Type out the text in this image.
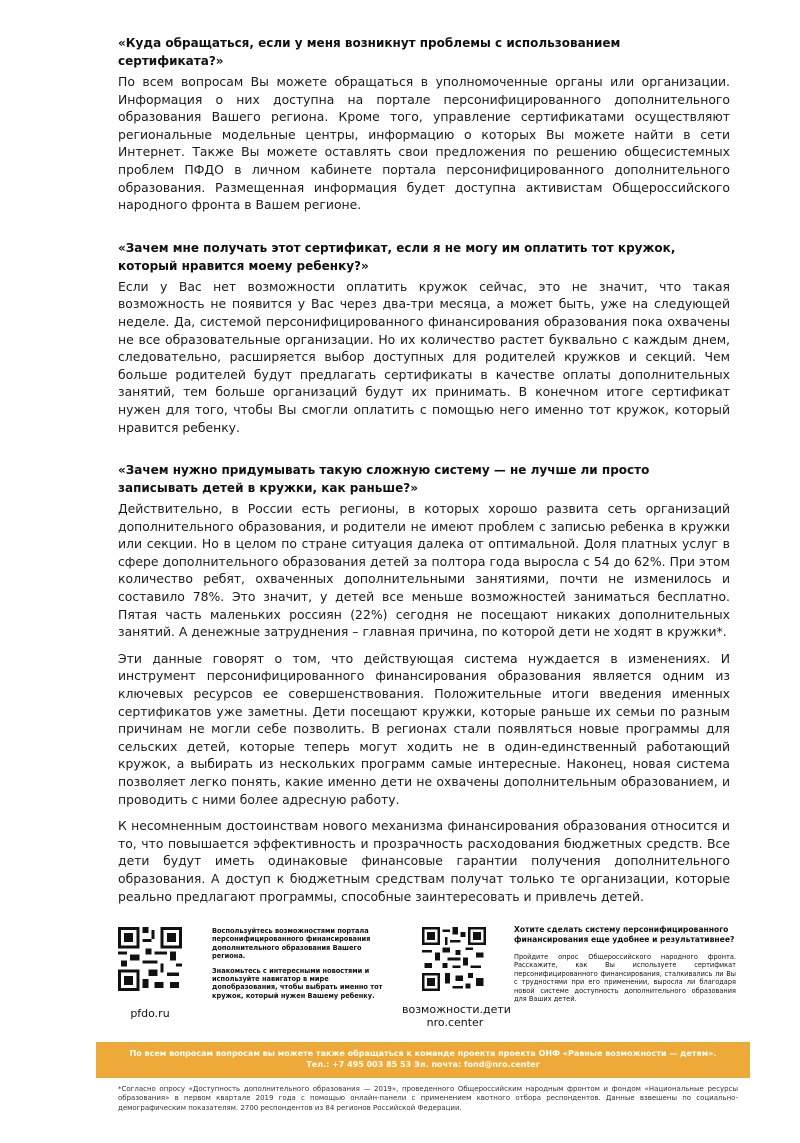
«Куда обращаться, если у меня возникнут проблемы с использованием сертификата?»
По всем вопросам Вы можете обращаться в уполномоченные органы или организации. Информация о них доступна на портале персонифицированного дополнительного образования Вашего региона. Кроме того, управление сертификатами осуществляют региональные модельные центры, информацию о которых Вы можете найти в сети Интернет. Также Вы можете оставлять свои предложения по решению общесистемных проблем ПФДО в личном кабинете портала персонифицированного дополнительного образования. Размещенная информация будет доступна активистам Общероссийского народного фронта в Вашем регионе.
«Зачем мне получать этот сертификат, если я не могу им оплатить тот кружок, который нравится моему ребенку?»
Если у Вас нет возможности оплатить кружок сейчас, это не значит, что такая возможность не появится у Вас через два-три месяца, а может быть, уже на следующей неделе. Да, системой персонифицированного финансирования образования пока охвачены не все образовательные организации. Но их количество растет буквально с каждым днем, следовательно, расширяется выбор доступных для родителей кружков и секций. Чем больше родителей будут предлагать сертификаты в качестве оплаты дополнительных занятий, тем больше организаций будут их принимать. В конечном итоге сертификат нужен для того, чтобы Вы смогли оплатить с помощью него именно тот кружок, который нравится ребенку.
«Зачем нужно придумывать такую сложную систему — не лучше ли просто записывать детей в кружки, как раньше?»
Действительно, в России есть регионы, в которых хорошо развита сеть организаций дополнительного образования, и родители не имеют проблем с записью ребенка в кружки или секции. Но в целом по стране ситуация далека от оптимальной. Доля платных услуг в сфере дополнительного образования детей за полтора года выросла с 54 до 62%. При этом количество ребят, охваченных дополнительными занятиями, почти не изменилось и составило 78%. Это значит, у детей все меньше возможностей заниматься бесплатно. Пятая часть маленьких россиян (22%) сегодня не посещают никаких дополнительных занятий. А денежные затруднения – главная причина, по которой дети не ходят в кружки*.
Эти данные говорят о том, что действующая система нуждается в изменениях. И инструмент персонифицированного финансирования образования является одним из ключевых ресурсов ее совершенствования. Положительные итоги введения именных сертификатов уже заметны. Дети посещают кружки, которые раньше их семьи по разным причинам не могли себе позволить. В регионах стали появляться новые программы для сельских детей, которые теперь могут ходить не в один-единственный работающий кружок, а выбирать из нескольких программ самые интересные. Наконец, новая система позволяет легко понять, какие именно дети не охвачены дополнительным образованием, и проводить с ними более адресную работу.
К несомненным достоинствам нового механизма финансирования образования относится и то, что повышается эффективность и прозрачность расходования бюджетных средств. Все дети будут иметь одинаковые финансовые гарантии получения дополнительного образования. А доступ к бюджетным средствам получат только те организации, которые реально предлагают программы, способные заинтересовать и привлечь детей.
pfdo.ru

Воспользуйтесь возможностями портала персонифицированного финансирования дополнительного образования Вашего региона.

Знакомьтесь с интересными новостями и используйте навигатор в мире допобразования, чтобы выбрать именно тот кружок, который нужен Вашему ребенку.

возможности.дети
nro.center
Хотите сделать систему персонифицированного финансирования еще удобнее и результативнее?
Пройдите опрос Общероссийского народного фронта. Расскажите, как Вы используете сертификат персонифицированного финансирования, сталкивались ли Вы с трудностями при его применении, выросла ли благодаря новой системе доступность дополнительного образования для Ваших детей.
По всем вопросам вопросам вы можете также обращаться к команде проекта проекта ОНФ «Равные возможности — детям».
Тел.: +7 495 003 85 53 Эл. почта: fond@nro.center
*Согласно опросу «Доступность дополнительного образования — 2019», проведенного Общероссийским народным фронтом и фондом «Национальные ресурсы образования» в первом квартале 2019 года с помощью онлайн-панели с применением квотного отбора респондентов. Данные взвешены по социально-демографическим показателям. 2700 респондентов из 84 регионов Российской Федерации.
